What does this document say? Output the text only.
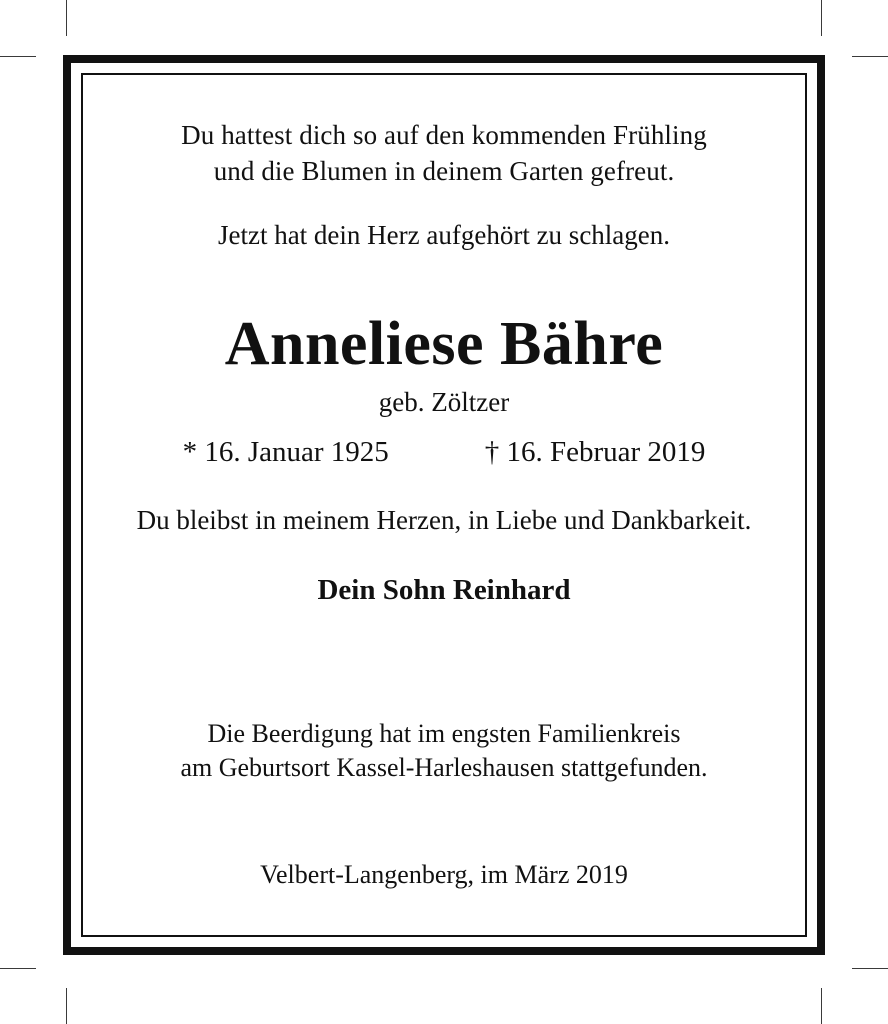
Du hattest dich so auf den kommenden Frühling
und die Blumen in deinem Garten gefreut.
Jetzt hat dein Herz aufgehört zu schlagen.
Anneliese Bähre
geb. Zöltzer
* 16. Januar 1925	† 16. Februar 2019
Du bleibst in meinem Herzen, in Liebe und Dankbarkeit.
Dein Sohn Reinhard
Die Beerdigung hat im engsten Familienkreis
am Geburtsort Kassel-Harleshausen stattgefunden.
Velbert-Langenberg, im März 2019
